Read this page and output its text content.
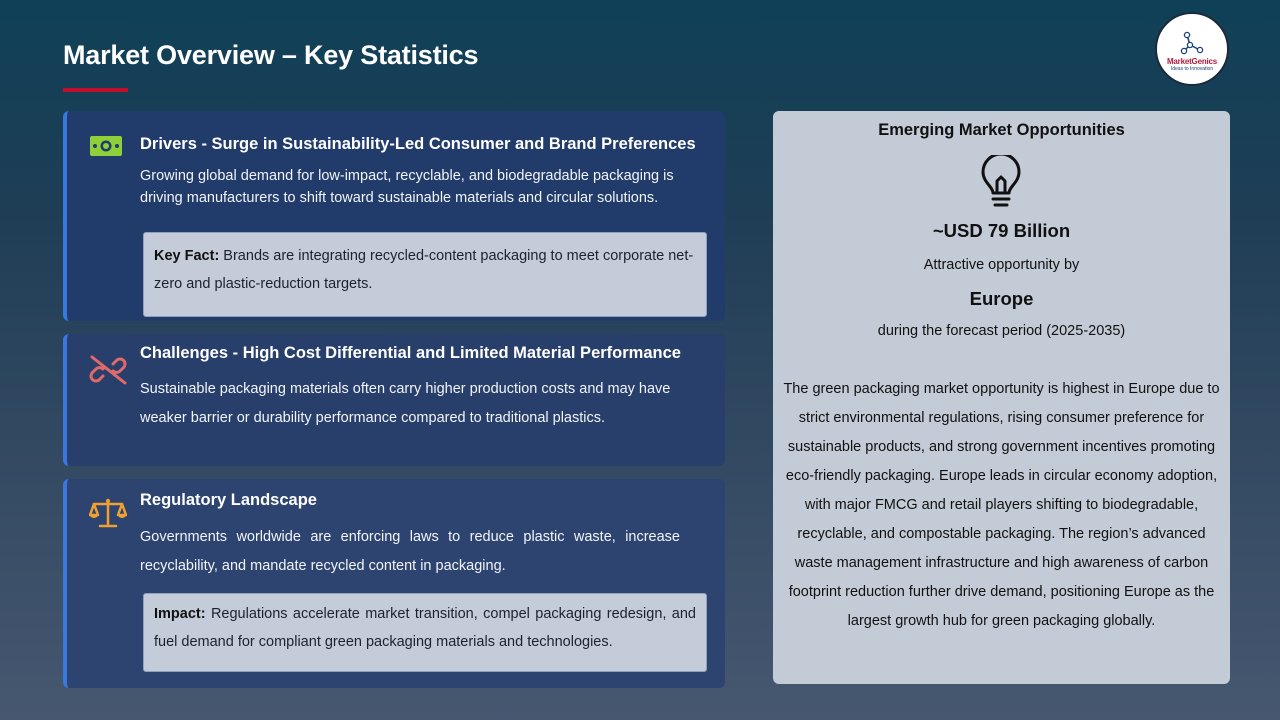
Market Overview – Key Statistics	MarketGenics
Ideas to Innovation
Drivers - Surge in Sustainability-Led Consumer and Brand Preferences
Growing global demand for low-impact, recyclable, and biodegradable packaging is driving manufacturers to shift toward sustainable materials and circular solutions.
Key Fact: Brands are integrating recycled-content packaging to meet corporate net-zero and plastic-reduction targets.
Challenges - High Cost Differential and Limited Material Performance
Sustainable packaging materials often carry higher production costs and may have weaker barrier or durability performance compared to traditional plastics.
Regulatory Landscape
Governments worldwide are enforcing laws to reduce plastic waste, increase recyclability, and mandate recycled content in packaging.
Impact: Regulations accelerate market transition, compel packaging redesign, and fuel demand for compliant green packaging materials and technologies.
Emerging Market Opportunities
~USD 79 Billion
Attractive opportunity by
Europe
during the forecast period (2025-2035)
The green packaging market opportunity is highest in Europe due to strict environmental regulations, rising consumer preference for sustainable products, and strong government incentives promoting eco-friendly packaging. Europe leads in circular economy adoption, with major FMCG and retail players shifting to biodegradable, recyclable, and compostable packaging. The region’s advanced waste management infrastructure and high awareness of carbon footprint reduction further drive demand, positioning Europe as the largest growth hub for green packaging globally.
